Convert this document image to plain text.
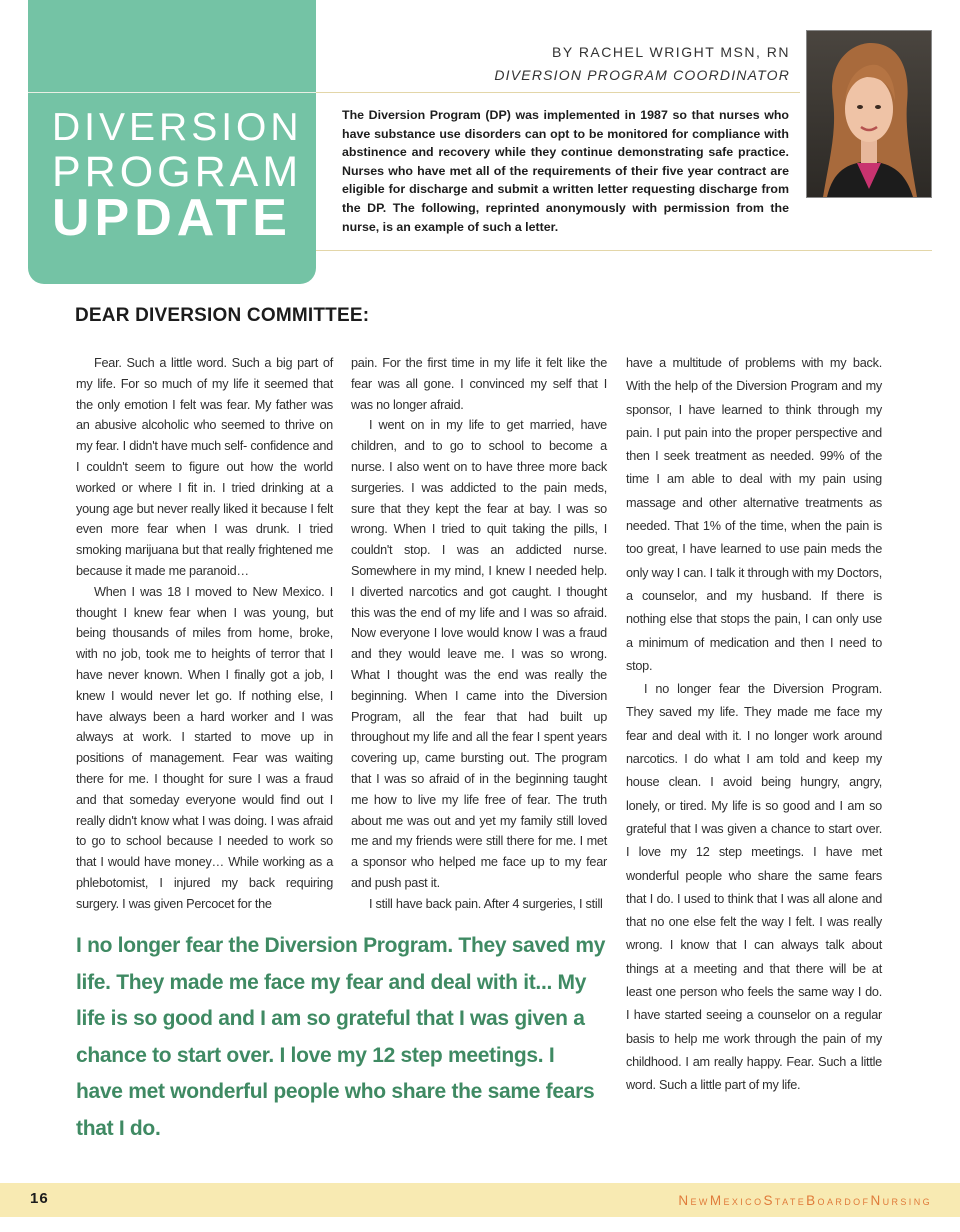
DIVERSION
PROGRAM
UPDATE
BY RACHEL WRIGHT MSN, RN
DIVERSION PROGRAM COORDINATOR
The Diversion Program (DP) was implemented in 1987 so that nurses who have substance use disorders can opt to be monitored for compliance with abstinence and recovery while they continue demonstrating safe practice. Nurses who have met all of the requirements of their five year contract are eligible for discharge and submit a written letter requesting discharge from the DP. The following, reprinted anonymously with permission from the nurse, is an example of such a letter.
DEAR DIVERSION COMMITTEE:

Fear. Such a little word. Such a big part of my life. For so much of my life it seemed that the only emotion I felt was fear. My father was an abusive alcoholic who seemed to thrive on my fear. I didn't have much self- confidence and I couldn't seem to figure out how the world worked or where I fit in. I tried drinking at a young age but never really liked it because I felt even more fear when I was drunk. I tried smoking marijuana but that really frightened me because it made me paranoid…

When I was 18 I moved to New Mexico. I thought I knew fear when I was young, but being thousands of miles from home, broke, with no job, took me to heights of terror that I have never known. When I finally got a job, I knew I would never let go. If nothing else, I have always been a hard worker and I was always at work. I started to move up in positions of management. Fear was waiting there for me. I thought for sure I was a fraud and that someday everyone would find out I really didn't know what I was doing. I was afraid to go to school because I needed to work so that I would have money… While working as a phlebotomist, I injured my back requiring surgery. I was given Percocet for the

pain. For the first time in my life it felt like the fear was all gone. I convinced my self that I was no longer afraid.

I went on in my life to get married, have children, and to go to school to become a nurse. I also went on to have three more back surgeries. I was addicted to the pain meds, sure that they kept the fear at bay. I was so wrong. When I tried to quit taking the pills, I couldn't stop. I was an addicted nurse. Somewhere in my mind, I knew I needed help. I diverted narcotics and got caught. I thought this was the end of my life and I was so afraid. Now everyone I love would know I was a fraud and they would leave me. I was so wrong. What I thought was the end was really the beginning. When I came into the Diversion Program, all the fear that had built up throughout my life and all the fear I spent years covering up, came bursting out. The program that I was so afraid of in the beginning taught me how to live my life free of fear. The truth about me was out and yet my family still loved me and my friends were still there for me. I met a sponsor who helped me face up to my fear and push past it.

I still have back pain. After 4 surgeries, I still

have a multitude of problems with my back. With the help of the Diversion Program and my sponsor, I have learned to think through my pain. I put pain into the proper perspective and then I seek treatment as needed. 99% of the time I am able to deal with my pain using massage and other alternative treatments as needed. That 1% of the time, when the pain is too great, I have learned to use pain meds the only way I can. I talk it through with my Doctors, a counselor, and my husband. If there is nothing else that stops the pain, I can only use a minimum of medication and then I need to stop.

I no longer fear the Diversion Program. They saved my life. They made me face my fear and deal with it. I no longer work around narcotics. I do what I am told and keep my house clean. I avoid being hungry, angry, lonely, or tired. My life is so good and I am so grateful that I was given a chance to start over. I love my 12 step meetings. I have met wonderful people who share the same fears that I do. I used to think that I was all alone and that no one else felt the way I felt. I was really wrong. I know that I can always talk about things at a meeting and that there will be at least one person who feels the same way I do. I have started seeing a counselor on a regular basis to help me work through the pain of my childhood. I am really happy. Fear. Such a little word. Such a little part of my life.

I no longer fear the Diversion Program. They saved my life. They made me face my fear and deal with it... My life is so good and I am so grateful that I was given a chance to start over. I love my 12 step meetings. I have met wonderful people who share the same fears that I do.
16	NewMexicoStateBoardofNursing
